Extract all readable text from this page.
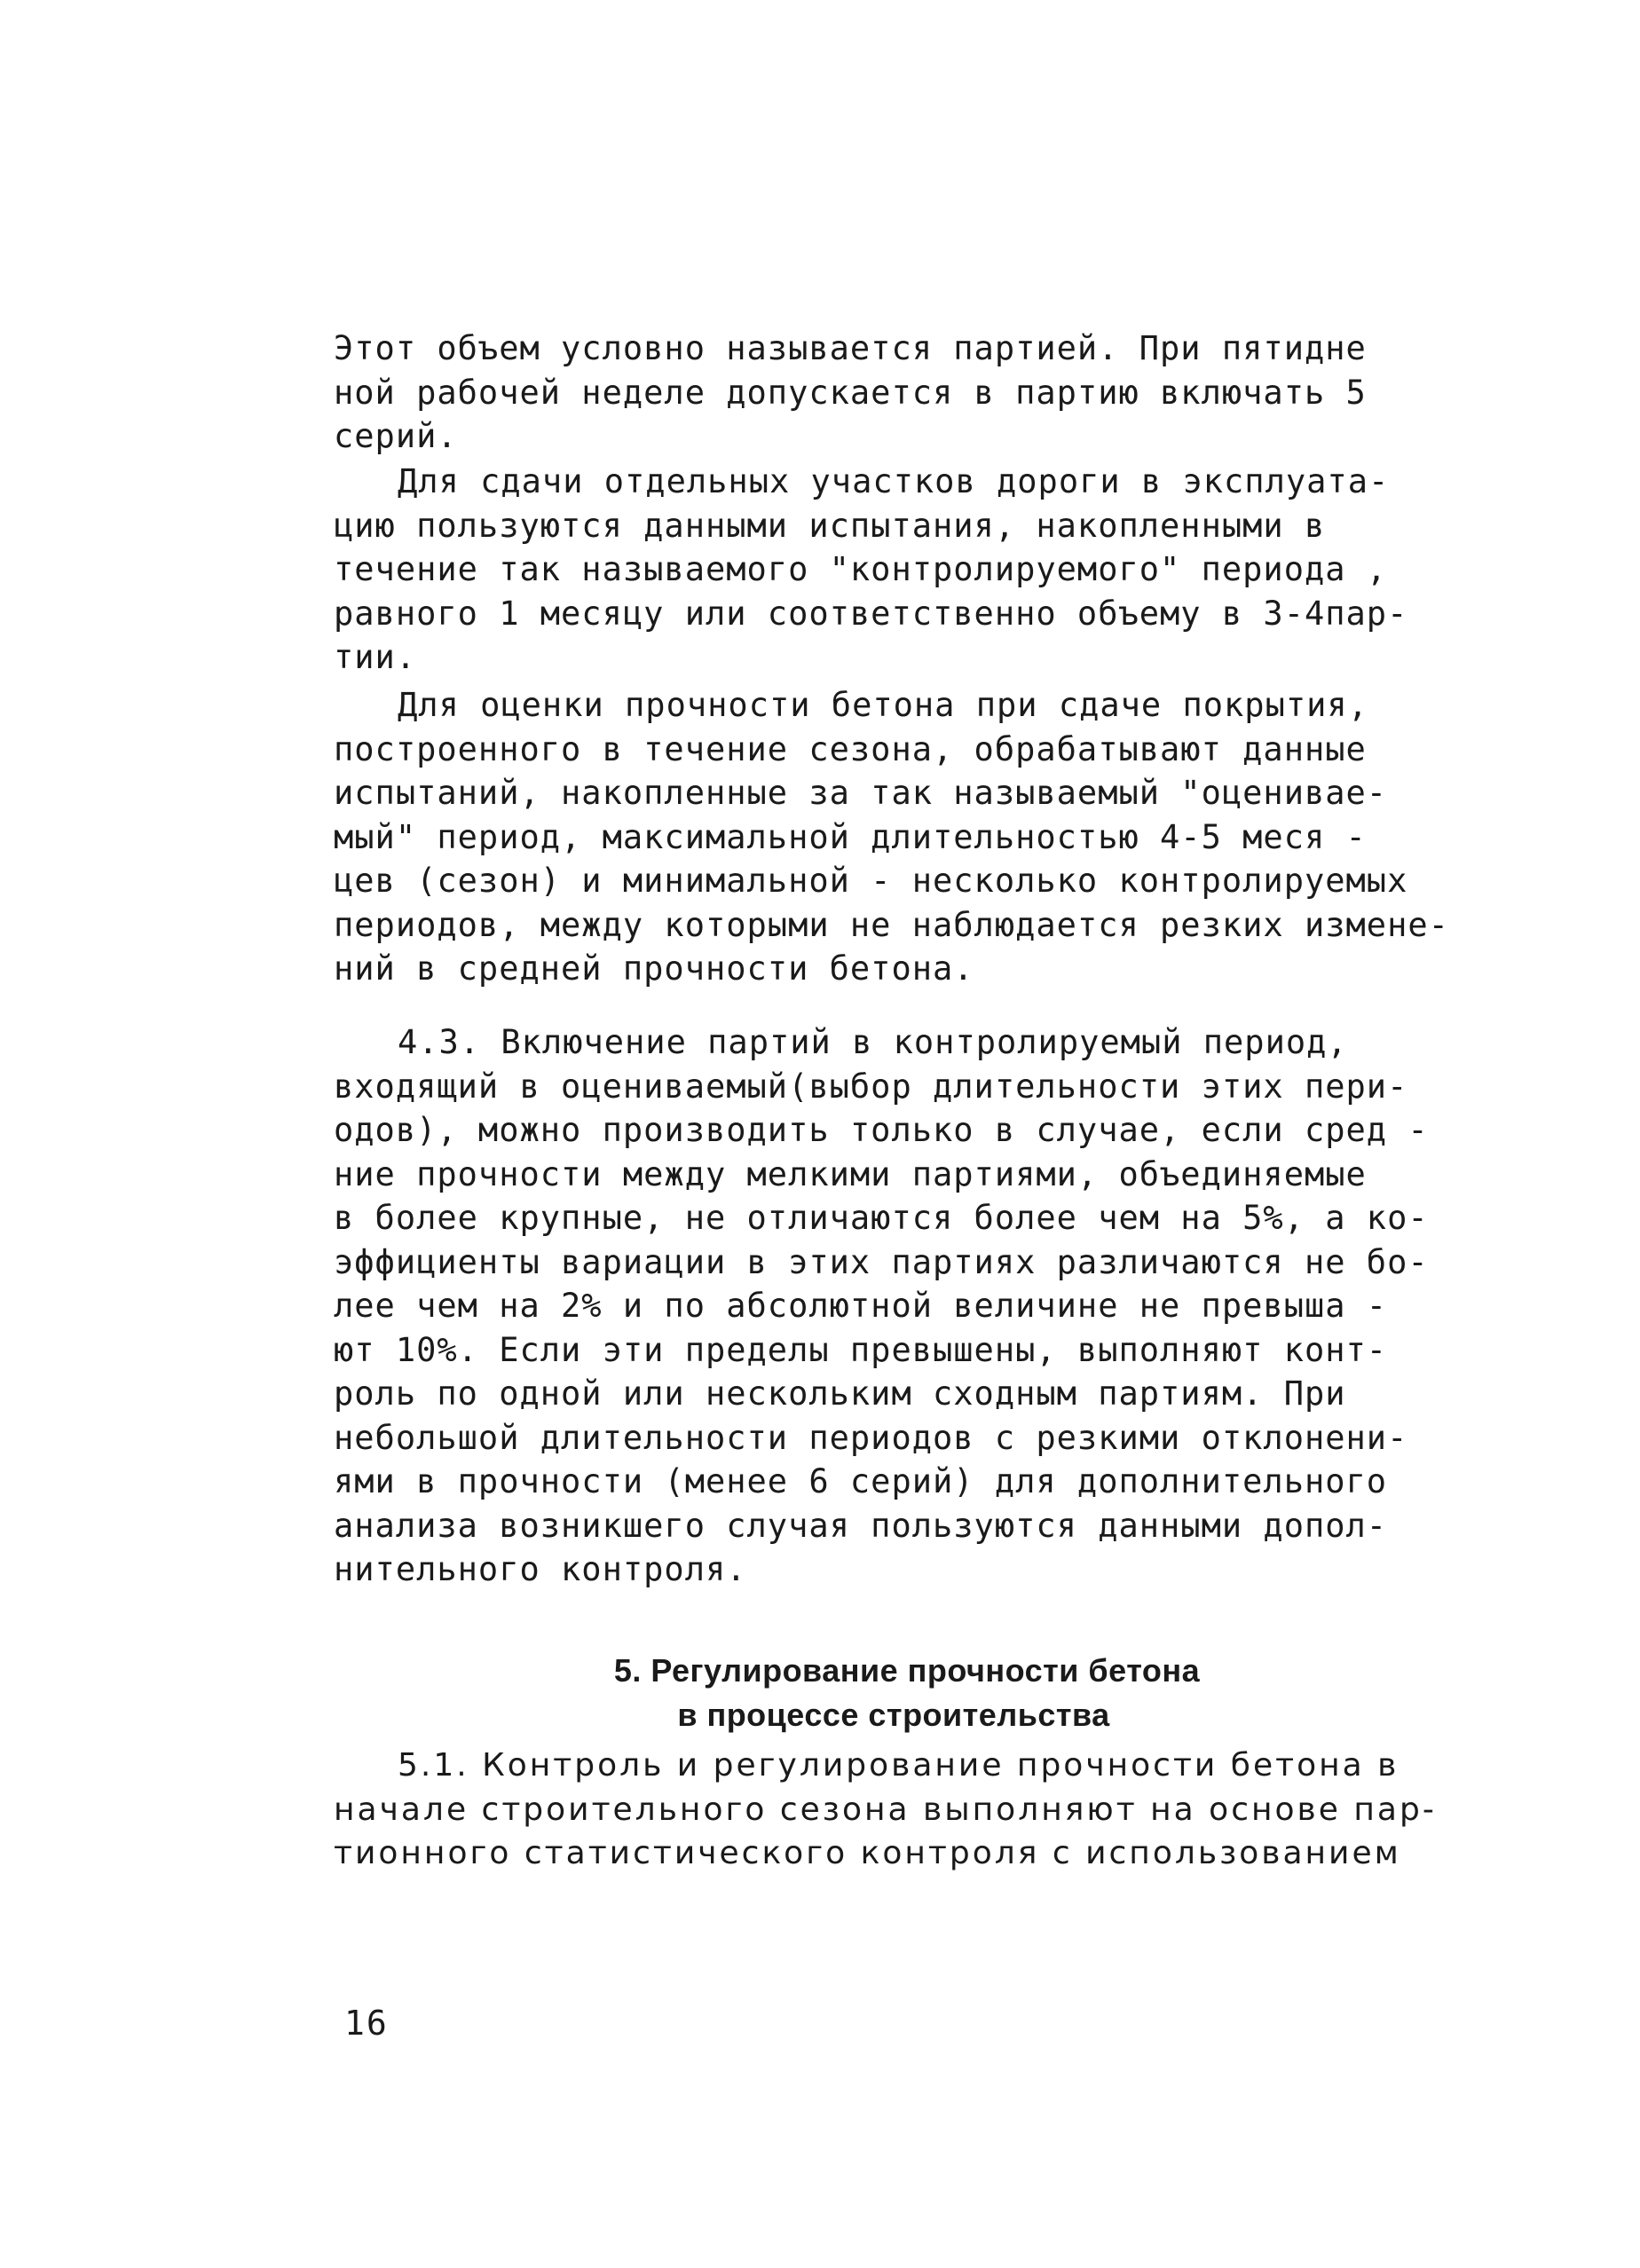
Этот объем условно называется партией. При пятидне
ной рабочей неделе допускается в партию включать 5
серий.

Для сдачи отдельных участков дороги в эксплуата-
цию пользуются данными испытания, накопленными в
течение так называемого "контролируемого" периода ,
равного 1 месяцу или соответственно объему в 3-4пар-
тии.

Для оценки прочности бетона при сдаче покрытия,
построенного в течение сезона, обрабатывают данные
испытаний, накопленные за так называемый "оценивае-
мый" период, максимальной длительностью 4-5 меся -
цев (сезон) и минимальной - несколько контролируемых
периодов, между которыми не наблюдается резких измене-
ний в средней прочности бетона.

4.3. Включение партий в контролируемый период,
входящий в оцениваемый(выбор длительности этих пери-
одов), можно производить только в случае, если сред -
ние прочности между мелкими партиями, объединяемые
в более крупные, не отличаются более чем на 5%, а ко-
эффициенты вариации в этих партиях различаются не бо-
лее чем на 2% и по абсолютной величине не превыша -
ют 10%. Если эти пределы превышены, выполняют конт-
роль по одной или нескольким сходным партиям. При
небольшой длительности периодов с резкими отклонени-
ями в прочности (менее 6 серий) для дополнительного
анализа возникшего случая пользуются данными допол-
нительного контроля.

5. Регулирование прочности бетона
в процессе строительства

5.1. Контроль и регулирование прочности бетона в
начале строительного сезона выполняют на основе пар-
тионного статистического контроля с использованием

16
